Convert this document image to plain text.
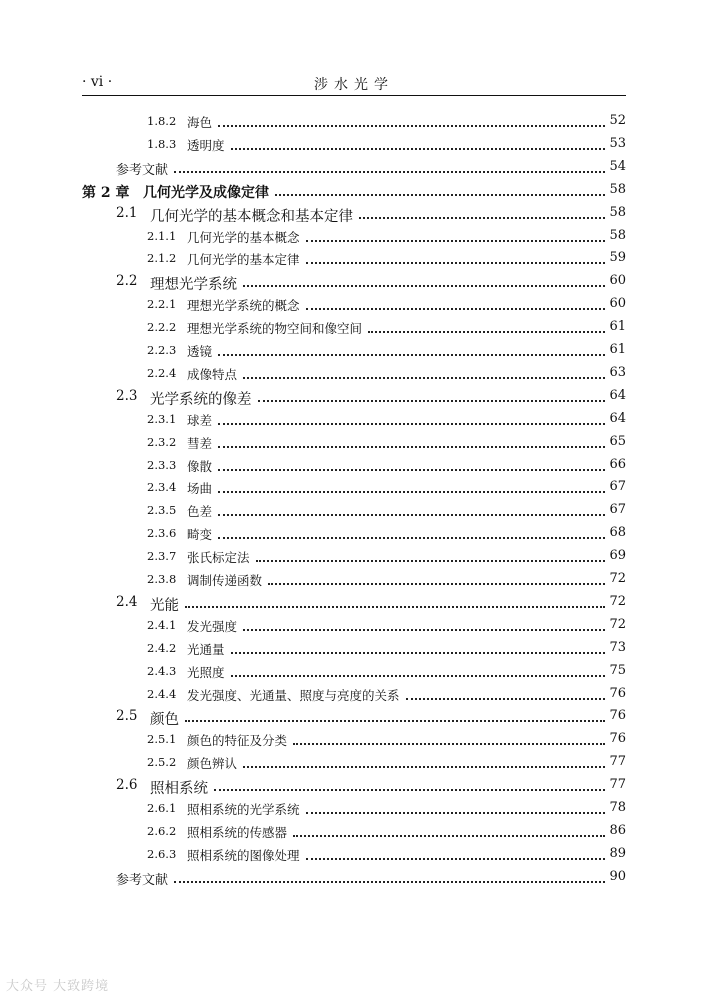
· vi ·	涉水光学
1.8.2 海色	52
1.8.3 透明度	53
参考文献	54
第 2 章 几何光学及成像定律	58
2.1 几何光学的基本概念和基本定律	58
2.1.1 几何光学的基本概念	58
2.1.2 几何光学的基本定律	59
2.2 理想光学系统	60
2.2.1 理想光学系统的概念	60
2.2.2 理想光学系统的物空间和像空间	61
2.2.3 透镜	61
2.2.4 成像特点	63
2.3 光学系统的像差	64
2.3.1 球差	64
2.3.2 彗差	65
2.3.3 像散	66
2.3.4 场曲	67
2.3.5 色差	67
2.3.6 畸变	68
2.3.7 张氏标定法	69
2.3.8 调制传递函数	72
2.4 光能	72
2.4.1 发光强度	72
2.4.2 光通量	73
2.4.3 光照度	75
2.4.4 发光强度、光通量、照度与亮度的关系	76
2.5 颜色	76
2.5.1 颜色的特征及分类	76
2.5.2 颜色辨认	77
2.6 照相系统	77
2.6.1 照相系统的光学系统	78
2.6.2 照相系统的传感器	86
2.6.3 照相系统的图像处理	89
参考文献	90
大众号 大致跨境
